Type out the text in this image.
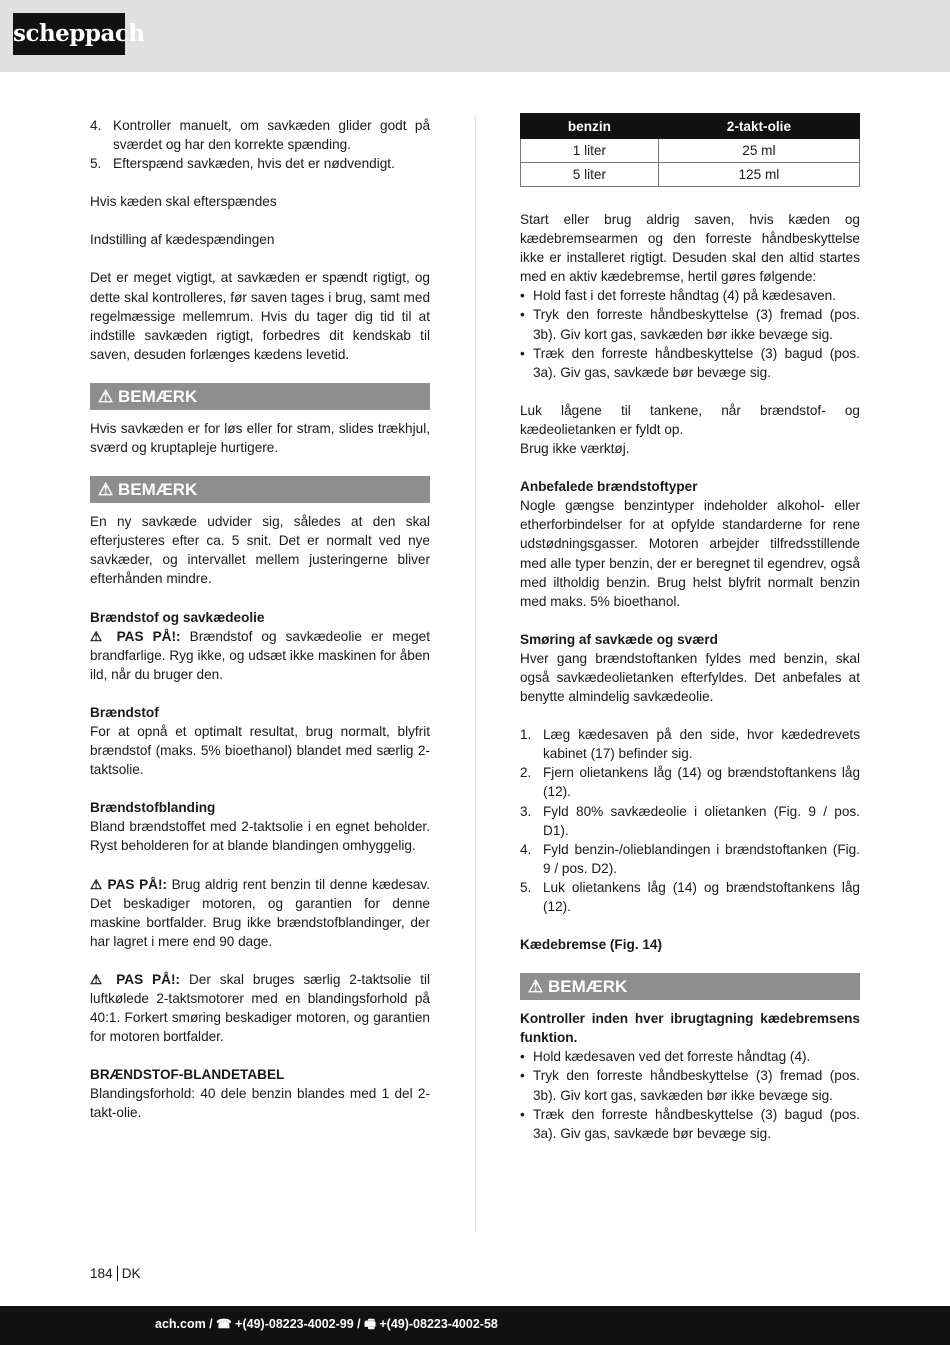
scheppach
4. Kontroller manuelt, om savkæden glider godt på sværdet og har den korrekte spænding.
5. Efterspænd savkæden, hvis det er nødvendigt.

Hvis kæden skal efterspændes

Indstilling af kædespændingen

Det er meget vigtigt, at savkæden er spændt rigtigt, og dette skal kontrolleres, før saven tages i brug, samt med regelmæssige mellemrum. Hvis du tager dig tid til at indstille savkæden rigtigt, forbedres dit kendskab til saven, desuden forlænges kædens levetid.

⚠ BEMÆRK

Hvis savkæden er for løs eller for stram, slides trækhjul, sværd og kruptapleje hurtigere.

⚠ BEMÆRK

En ny savkæde udvider sig, således at den skal efterjusteres efter ca. 5 snit. Det er normalt ved nye savkæder, og intervallet mellem justeringerne bliver efterhånden mindre.

Brændstof og savkædeolie

⚠ PAS PÅ!: Brændstof og savkædeolie er meget brandfarlige. Ryg ikke, og udsæt ikke maskinen for åben ild, når du bruger den.

Brændstof

For at opnå et optimalt resultat, brug normalt, blyfrit brændstof (maks. 5% bioethanol) blandet med særlig 2-taktsolie.

Brændstofblanding

Bland brændstoffet med 2-taktsolie i en egnet beholder. Ryst beholderen for at blande blandingen omhyggelig.

⚠ PAS PÅ!: Brug aldrig rent benzin til denne kædesav. Det beskadiger motoren, og garantien for denne maskine bortfalder. Brug ikke brændstofblandinger, der har lagret i mere end 90 dage.

⚠ PAS PÅ!: Der skal bruges særlig 2-taktsolie til luftkølede 2-taktsmotorer med en blandingsforhold på 40:1. Forkert smøring beskadiger motoren, og garantien for motoren bortfalder.

BRÆNDSTOF-BLANDETABEL

Blandingsforhold: 40 dele benzin blandes med 1 del 2-takt-olie.

benzin	2-takt-olie
1 liter	25 ml
5 liter	125 ml

Start eller brug aldrig saven, hvis kæden og kædebremsearmen og den forreste håndbeskyttelse ikke er installeret rigtigt. Desuden skal den altid startes med en aktiv kædebremse, hertil gøres følgende:

• Hold fast i det forreste håndtag (4) på kædesaven.
• Tryk den forreste håndbeskyttelse (3) fremad (pos. 3b). Giv kort gas, savkæden bør ikke bevæge sig.
• Træk den forreste håndbeskyttelse (3) bagud (pos. 3a). Giv gas, savkæde bør bevæge sig.

Luk lågene til tankene, når brændstof- og kædeolietanken er fyldt op.

Brug ikke værktøj.

Anbefalede brændstoftyper

Nogle gængse benzintyper indeholder alkohol- eller etherforbindelser for at opfylde standarderne for rene udstødningsgasser. Motoren arbejder tilfredsstillende med alle typer benzin, der er beregnet til egendrev, også med iltholdig benzin. Brug helst blyfrit normalt benzin med maks. 5% bioethanol.

Smøring af savkæde og sværd

Hver gang brændstoftanken fyldes med benzin, skal også savkædeolietanken efterfyldes. Det anbefales at benytte almindelig savkædeolie.

1. Læg kædesaven på den side, hvor kædedrevets kabinet (17) befinder sig.
2. Fjern olietankens låg (14) og brændstoftankens låg (12).
3. Fyld 80% savkædeolie i olietanken (Fig. 9 / pos. D1).
4. Fyld benzin-/olieblandingen i brændstoftanken (Fig. 9 / pos. D2).
5. Luk olietankens låg (14) og brændstoftankens låg (12).

Kædebremse (Fig. 14)

⚠ BEMÆRK

Kontroller inden hver ibrugtagning kædebremsens funktion.

• Hold kædesaven ved det forreste håndtag (4).
• Tryk den forreste håndbeskyttelse (3) fremad (pos. 3b). Giv kort gas, savkæden bør ikke bevæge sig.
• Træk den forreste håndbeskyttelse (3) bagud (pos. 3a). Giv gas, savkæde bør bevæge sig.
184 DK
ach.com / ☎ +(49)-08223-4002-99 / 🖷 +(49)-08223-4002-58
